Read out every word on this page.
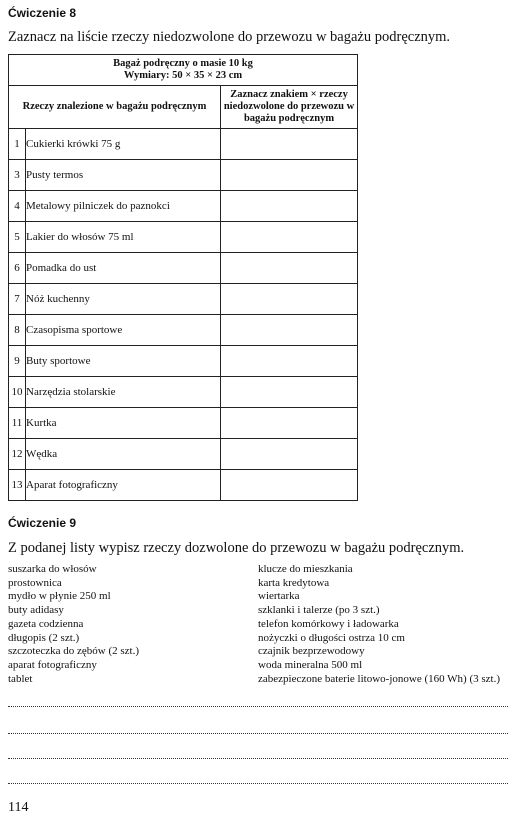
Ćwiczenie 8
Zaznacz na liście rzeczy niedozwolone do przewozu w bagażu podręcznym.
Bagaż podręczny o masie 10 kg
Wymiary: 50 × 35 × 23 cm		

Rzeczy znalezione w bagażu podręcznym		Zaznacz znakiem × rzeczy niedozwolone do przewozu w bagażu podręcznym
1	Cukierki krówki 75 g	
3	Pusty termos	
4	Metalowy pilniczek do paznokci	
5	Lakier do włosów 75 ml	
6	Pomadka do ust	
7	Nóż kuchenny	
8	Czasopisma sportowe	
9	Buty sportowe	
10	Narzędzia stolarskie	
11	Kurtka	
12	Wędka	
13	Aparat fotograficzny	
Ćwiczenie 9
Z podanej listy wypisz rzeczy dozwolone do przewozu w bagażu podręcznym.
suszarka do włosów
prostownica
mydło w płynie 250 ml
buty adidasy
gazeta codzienna
długopis (2 szt.)
szczoteczka do zębów (2 szt.)
aparat fotograficzny
tablet
klucze do mieszkania
karta kredytowa
wiertarka
szklanki i talerze (po 3 szt.)
telefon komórkowy i ładowarka
nożyczki o długości ostrza 10 cm
czajnik bezprzewodowy
woda mineralna 500 ml
zabezpieczone baterie litowo-jonowe (160 Wh) (3 szt.)
114
